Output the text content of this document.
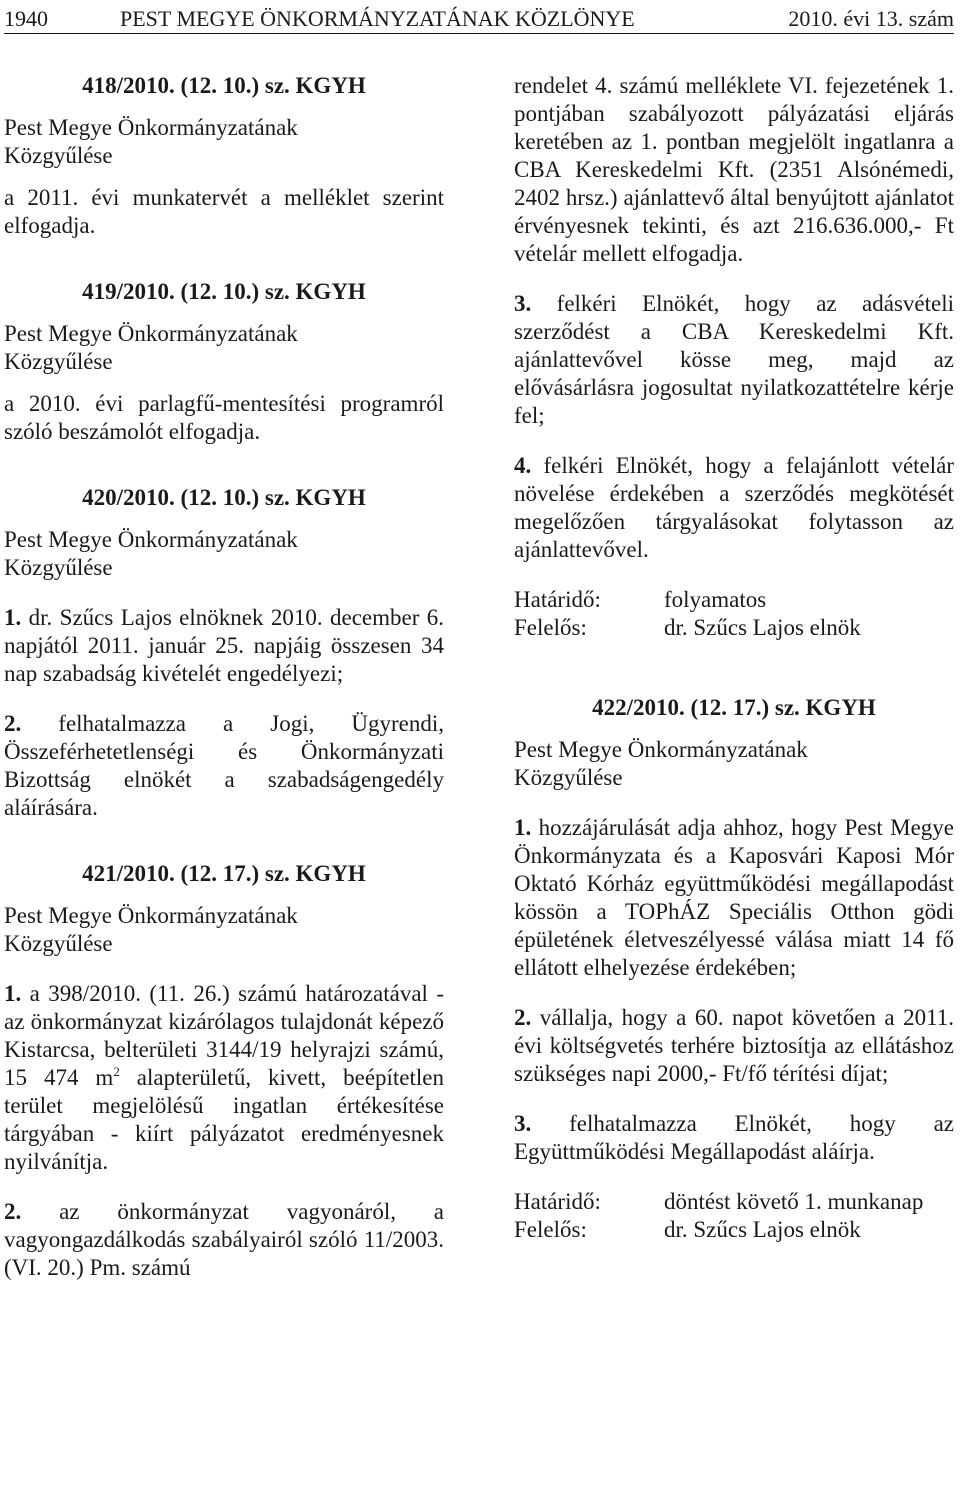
1940	PEST MEGYE ÖNKORMÁNYZATÁNAK KÖZLÖNYE	2010. évi 13. szám

418/2010. (12. 10.) sz. KGYH

Pest Megye Önkormányzatának

Közgyűlése

a 2011. évi munkatervét a melléklet szerint elfogadja.

419/2010. (12. 10.) sz. KGYH

Pest Megye Önkormányzatának

Közgyűlése

a 2010. évi parlagfű-mentesítési programról szóló beszámolót elfogadja.

420/2010. (12. 10.) sz. KGYH

Pest Megye Önkormányzatának

Közgyűlése

1. dr. Szűcs Lajos elnöknek 2010. december 6. napjától 2011. január 25. napjáig összesen 34 nap szabadság kivételét engedélyezi;

2. felhatalmazza a Jogi, Ügyrendi, Összeférhetetlenségi és Önkormányzati Bizottság elnökét a szabadságengedély aláírására.

421/2010. (12. 17.) sz. KGYH

Pest Megye Önkormányzatának

Közgyűlése

1. a 398/2010. (11. 26.) számú határozatával - az önkormányzat kizárólagos tulajdonát képező Kistarcsa, belterületi 3144/19 helyrajzi számú, 15 474 $m^2$ alapterületű, kivett, beépítetlen terület megjelölésű ingatlan értékesítése tárgyában - kiírt pályázatot eredményesnek nyilvánítja.

2. az önkormányzat vagyonáról, a vagyongazdálkodás szabályairól szóló 11/2003. (VI. 20.) Pm. számú

rendelet 4. számú melléklete VI. fejezetének 1. pontjában szabályozott pályázatási eljárás keretében az 1. pontban megjelölt ingatlanra a CBA Kereskedelmi Kft. (2351 Alsónémedi, 2402 hrsz.) ajánlattevő által benyújtott ajánlatot érvényesnek tekinti, és azt 216.636.000,- Ft vételár mellett elfogadja.

3. felkéri Elnökét, hogy az adásvételi szerződést a CBA Kereskedelmi Kft. ajánlattevővel kösse meg, majd az elővásárlásra jogosultat nyilatkozattételre kérje fel;

4. felkéri Elnökét, hogy a felajánlott vételár növelése érdekében a szerződés megkötését megelőzően tárgyalásokat folytasson az ajánlattevővel.

Határidő:	folyamatos

Felelős:	dr. Szűcs Lajos elnök

422/2010. (12. 17.) sz. KGYH

Pest Megye Önkormányzatának

Közgyűlése

1. hozzájárulását adja ahhoz, hogy Pest Megye Önkormányzata és a Kaposvári Kaposi Mór Oktató Kórház együttműködési megállapodást kössön a TOPhÁZ Speciális Otthon gödi épületének életveszélyessé válása miatt 14 fő ellátott elhelyezése érdekében;

2. vállalja, hogy a 60. napot követően a 2011. évi költségvetés terhére biztosítja az ellátáshoz szükséges napi 2000,- Ft/fő térítési díjat;

3. felhatalmazza Elnökét, hogy az Együttműködési Megállapodást aláírja.

Határidő:	döntést követő 1. munkanap

Felelős:	dr. Szűcs Lajos elnök
